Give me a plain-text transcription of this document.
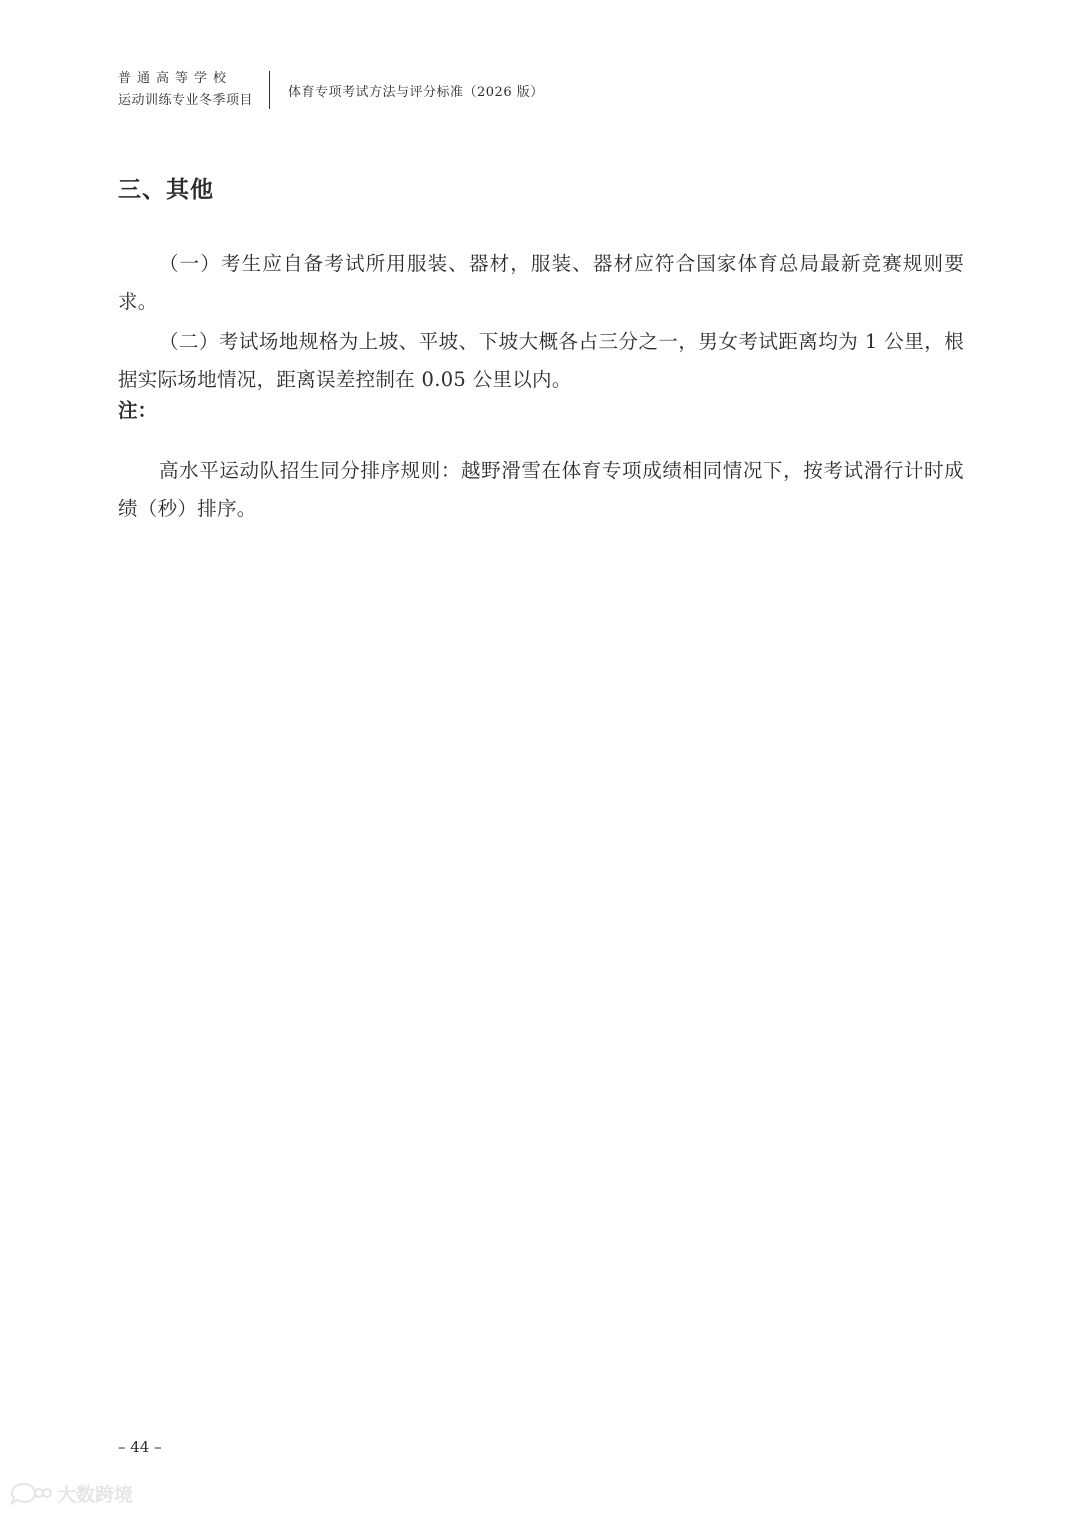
普通高等学校
运动训练专业冬季项目
体育专项考试方法与评分标准（2026 版）
三、其他

（一）考生应自备考试所用服装、器材，服装、器材应符合国家体育总局最新竞赛规则要求。

（二）考试场地规格为上坡、平坡、下坡大概各占三分之一，男女考试距离均为 1 公里，根据实际场地情况，距离误差控制在 0.05 公里以内。

注：

高水平运动队招生同分排序规则：越野滑雪在体育专项成绩相同情况下，按考试滑行计时成绩（秒）排序。

– 44 –
大数跨境
